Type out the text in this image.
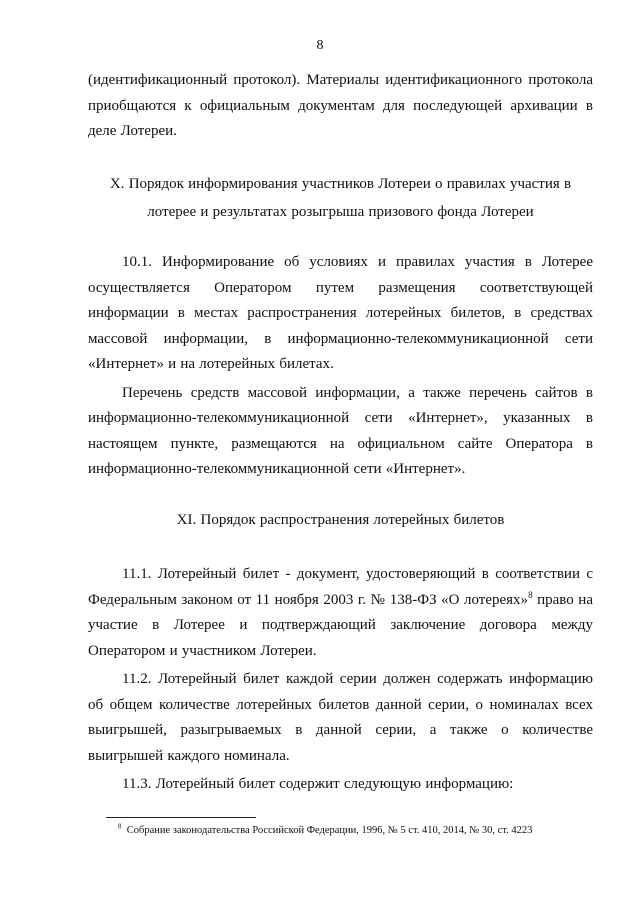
8

(идентификационный протокол). Материалы идентификационного протокола приобщаются к официальным документам для последующей архивации в деле Лотереи.

X. Порядок информирования участников Лотереи о правилах участия в
лотерее и результатах розыгрыша призового фонда Лотереи

10.1. Информирование об условиях и правилах участия в Лотерее осуществляется Оператором путем размещения соответствующей информации в местах распространения лотерейных билетов, в средствах массовой информации, в информационно-телекоммуникационной сети «Интернет» и на лотерейных билетах.

Перечень средств массовой информации, а также перечень сайтов в информационно-телекоммуникационной сети «Интернет», указанных в настоящем пункте, размещаются на официальном сайте Оператора в информационно-телекоммуникационной сети «Интернет».

XI. Порядок распространения лотерейных билетов

11.1. Лотерейный билет - документ, удостоверяющий в соответствии с Федеральным законом от 11 ноября 2003 г. № 138-ФЗ «О лотереях»$^8$ право на участие в Лотерее и подтверждающий заключение договора между Оператором и участником Лотереи.

11.2. Лотерейный билет каждой серии должен содержать информацию об общем количестве лотерейных билетов данной серии, о номиналах всех выигрышей, разыгрываемых в данной серии, а также о количестве выигрышей каждого номинала.

11.3. Лотерейный билет содержит следующую информацию:

$^8$ Собрание законодательства Российской Федерации, 1996, № 5 ст. 410, 2014, № 30, ст. 4223
